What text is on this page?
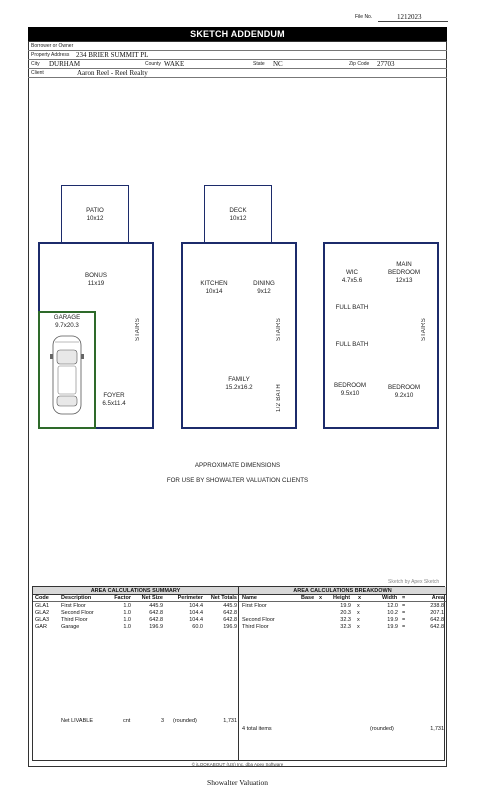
File No.	1212023
SKETCH ADDENDUM
Borrower or Owner
Property Address 234 BRIER SUMMIT PL
City DURHAM	County WAKE	State NC	Zip Code 27703
Client	Aaron Reel - Reel Realty
PATIO
10x12
BONUS
11x19
GARAGE
9.7x20.3
FOYER
6.5x11.4
STAIRS
DECK
10x12
KITCHEN
10x14
DINING
9x12
FAMILY
15.2x16.2
STAIRS
1/2 BATH
WIC
4.7x5.6
MAIN
BEDROOM
12x13
FULL BATH
FULL BATH
BEDROOM
9.5x10
BEDROOM
9.2x10
STAIRS
APPROXIMATE DIMENSIONS
FOR USE BY SHOWALTER VALUATION CLIENTS
Sketch by Apex Sketch
AREA CALCULATIONS SUMMARY
Code Description	Factor	Net Size	Perimeter	Net Totals
GLA1 First Floor	1.0	445.9	104.4	445.9
GLA2 Second Floor	1.0	642.8	104.4	642.8
GLA3 Third Floor	1.0	642.8	104.4	642.8
GAR	Garage	1.0	196.9	60.0	196.9
Net LIVABLE	cnt	3 (rounded)	1,731
AREA CALCULATIONS BREAKDOWN
Name	Base x Height x	Width =	Area
First Floor	19.9 x	12.0 =	238.8
20.3 x	10.2 =	207.1
Second Floor	32.3 x	19.9 =	642.8
Third Floor	32.3 x	19.9 =	642.8
4 total items	(rounded)	1,731
© iLOOKABOUT (US) Inc. dba Apex Software
Showalter Valuation
